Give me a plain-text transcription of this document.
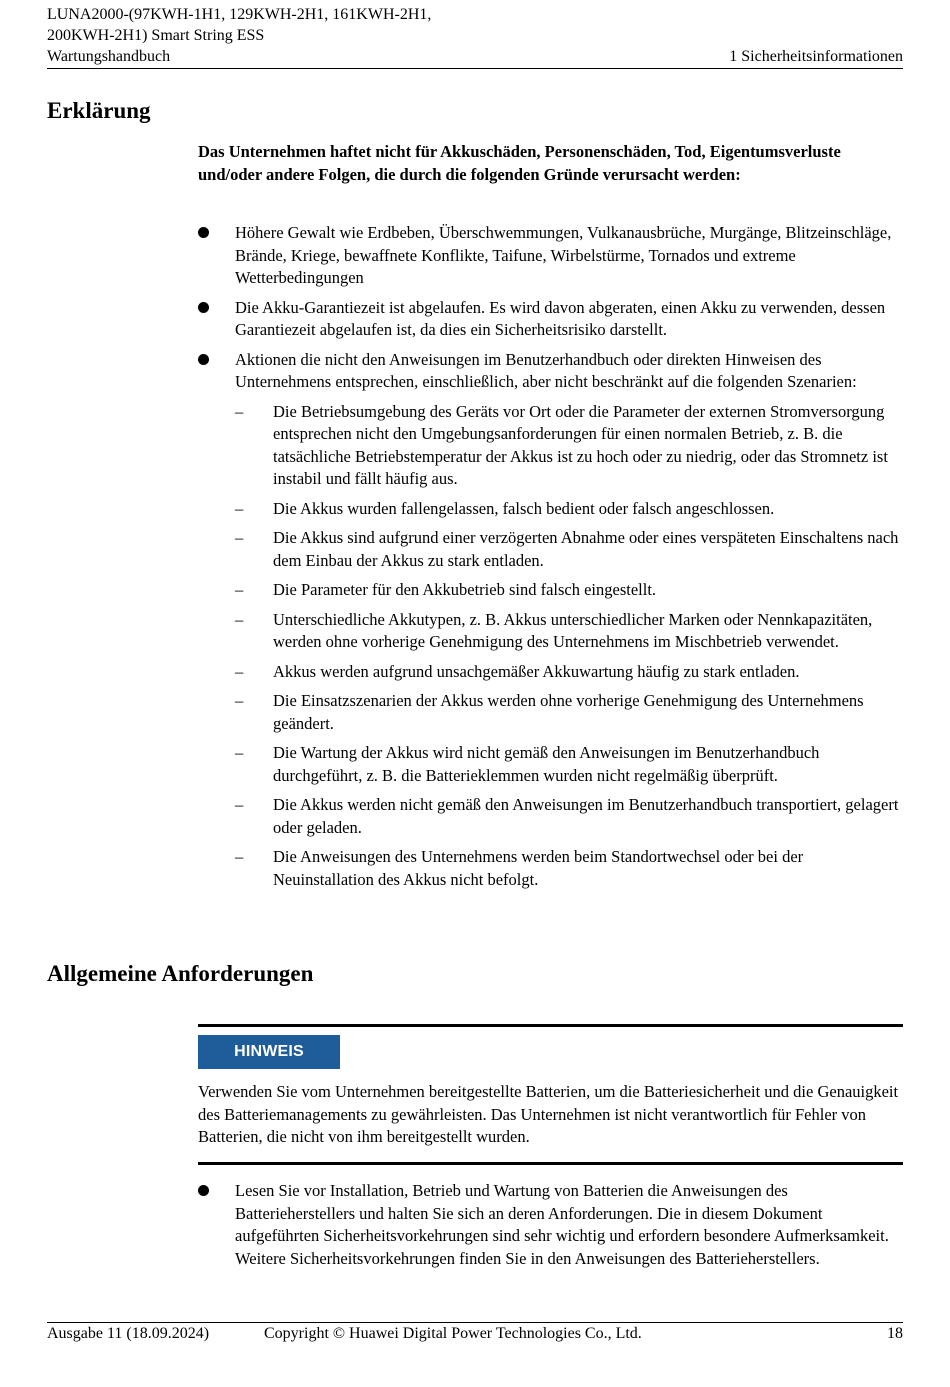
LUNA2000-(97KWH-1H1, 129KWH-2H1, 161KWH-2H1,
200KWH-2H1) Smart String ESS
Wartungshandbuch	1 Sicherheitsinformationen
Erklärung

Das Unternehmen haftet nicht für Akkuschäden, Personenschäden, Tod, Eigentumsverluste und/oder andere Folgen, die durch die folgenden Gründe verursacht werden:

Höhere Gewalt wie Erdbeben, Überschwemmungen, Vulkanausbrüche, Murgänge, Blitzeinschläge, Brände, Kriege, bewaffnete Konflikte, Taifune, Wirbelstürme, Tornados und extreme Wetterbedingungen
Die Akku-Garantiezeit ist abgelaufen. Es wird davon abgeraten, einen Akku zu verwenden, dessen Garantiezeit abgelaufen ist, da dies ein Sicherheitsrisiko darstellt.
Aktionen die nicht den Anweisungen im Benutzerhandbuch oder direkten Hinweisen des Unternehmens entsprechen, einschließlich, aber nicht beschränkt auf die folgenden Szenarien:
– Die Betriebsumgebung des Geräts vor Ort oder die Parameter der externen Stromversorgung entsprechen nicht den Umgebungsanforderungen für einen normalen Betrieb, z. B. die tatsächliche Betriebstemperatur der Akkus ist zu hoch oder zu niedrig, oder das Stromnetz ist instabil und fällt häufig aus.
– Die Akkus wurden fallengelassen, falsch bedient oder falsch angeschlossen.
– Die Akkus sind aufgrund einer verzögerten Abnahme oder eines verspäteten Einschaltens nach dem Einbau der Akkus zu stark entladen.
– Die Parameter für den Akkubetrieb sind falsch eingestellt.
– Unterschiedliche Akkutypen, z. B. Akkus unterschiedlicher Marken oder Nennkapazitäten, werden ohne vorherige Genehmigung des Unternehmens im Mischbetrieb verwendet.
– Akkus werden aufgrund unsachgemäßer Akkuwartung häufig zu stark entladen.
– Die Einsatzszenarien der Akkus werden ohne vorherige Genehmigung des Unternehmens geändert.
– Die Wartung der Akkus wird nicht gemäß den Anweisungen im Benutzerhandbuch durchgeführt, z. B. die Batterieklemmen wurden nicht regelmäßig überprüft.
– Die Akkus werden nicht gemäß den Anweisungen im Benutzerhandbuch transportiert, gelagert oder geladen.
– Die Anweisungen des Unternehmens werden beim Standortwechsel oder bei der Neuinstallation des Akkus nicht befolgt.
Allgemeine Anforderungen
HINWEIS

Verwenden Sie vom Unternehmen bereitgestellte Batterien, um die Batteriesicherheit und die Genauigkeit des Batteriemanagements zu gewährleisten. Das Unternehmen ist nicht verantwortlich für Fehler von Batterien, die nicht von ihm bereitgestellt wurden.

Lesen Sie vor Installation, Betrieb und Wartung von Batterien die Anweisungen des Batterieherstellers und halten Sie sich an deren Anforderungen. Die in diesem Dokument aufgeführten Sicherheitsvorkehrungen sind sehr wichtig und erfordern besondere Aufmerksamkeit. Weitere Sicherheitsvorkehrungen finden Sie in den Anweisungen des Batterieherstellers.
Ausgabe 11 (18.09.2024)	Copyright © Huawei Digital Power Technologies Co., Ltd.	18
